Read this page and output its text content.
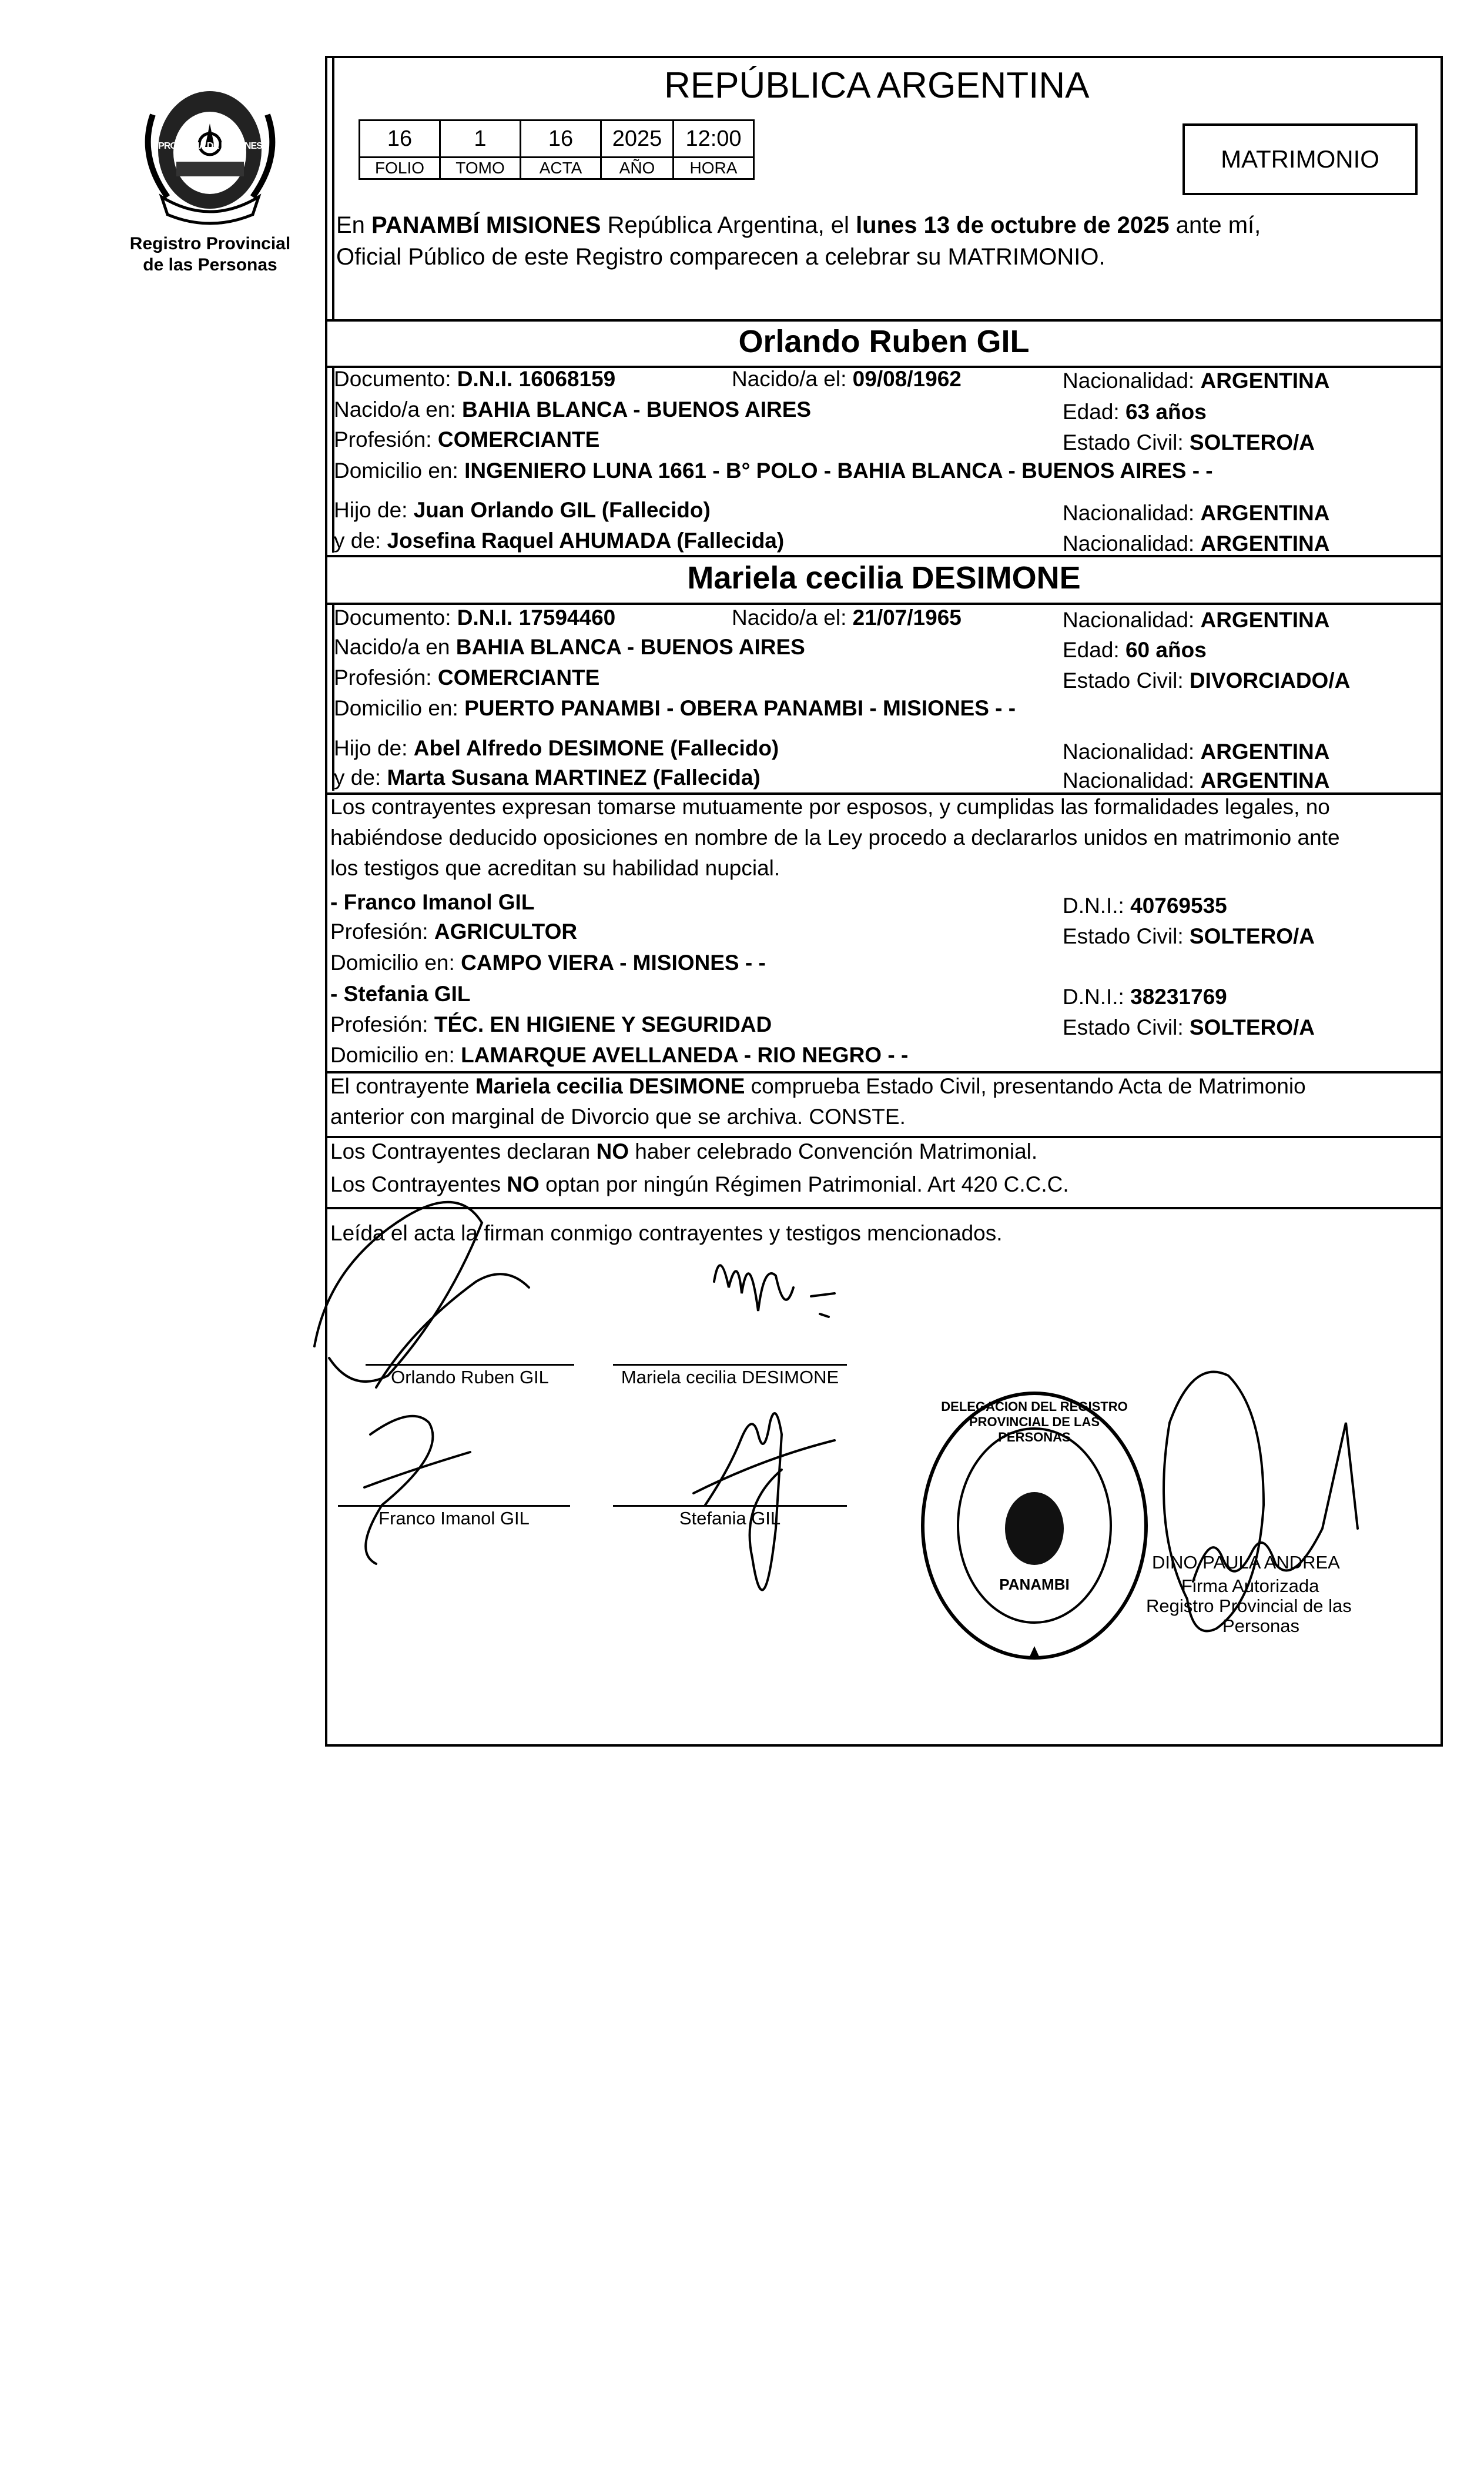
PROVINCIA DE MISIONES
Registro Provincial
de las Personas
REPÚBLICA ARGENTINA
16	1	16	2025	12:00
FOLIO	TOMO	ACTA	AÑO	HORA	MATRIMONIO
En PANAMBÍ MISIONES República Argentina, el lunes 13 de octubre de 2025 ante mí,
Oficial Público de este Registro comparecen a celebrar su MATRIMONIO.
Orlando Ruben GIL
Documento: D.N.I. 16068159	Nacido/a el: 09/08/1962	Nacionalidad: ARGENTINA
Nacido/a en: BAHIA BLANCA - BUENOS AIRES	Edad: 63 años
Profesión: COMERCIANTE	Estado Civil: SOLTERO/A
Domicilio en: INGENIERO LUNA 1661 - B° POLO - BAHIA BLANCA - BUENOS AIRES - -
Hijo de: Juan Orlando GIL (Fallecido)	Nacionalidad: ARGENTINA
y de: Josefina Raquel AHUMADA (Fallecida)	Nacionalidad: ARGENTINA
Mariela cecilia DESIMONE
Documento: D.N.I. 17594460	Nacido/a el: 21/07/1965	Nacionalidad: ARGENTINA
Nacido/a en BAHIA BLANCA - BUENOS AIRES	Edad: 60 años
Profesión: COMERCIANTE	Estado Civil: DIVORCIADO/A
Domicilio en: PUERTO PANAMBI - OBERA PANAMBI - MISIONES - -
Hijo de: Abel Alfredo DESIMONE (Fallecido)	Nacionalidad: ARGENTINA
y de: Marta Susana MARTINEZ (Fallecida)	Nacionalidad: ARGENTINA
Los contrayentes expresan tomarse mutuamente por esposos, y cumplidas las formalidades legales, no
habiéndose deducido oposiciones en nombre de la Ley procedo a declararlos unidos en matrimonio ante
los testigos que acreditan su habilidad nupcial.
- Franco Imanol GIL	D.N.I.: 40769535
Profesión: AGRICULTOR	Estado Civil: SOLTERO/A
Domicilio en: CAMPO VIERA - MISIONES - -
- Stefania GIL	D.N.I.: 38231769
Profesión: TÉC. EN HIGIENE Y SEGURIDAD	Estado Civil: SOLTERO/A
Domicilio en: LAMARQUE AVELLANEDA - RIO NEGRO - -
El contrayente Mariela cecilia DESIMONE comprueba Estado Civil, presentando Acta de Matrimonio
anterior con marginal de Divorcio que se archiva. CONSTE.
Los Contrayentes declaran NO haber celebrado Convención Matrimonial.
Los Contrayentes NO optan por ningún Régimen Patrimonial. Art 420 C.C.C.
Leída el acta la firman conmigo contrayentes y testigos mencionados.
Orlando Ruben GIL	Mariela cecilia DESIMONE
Franco Imanol GIL	Stefania GIL
DELEGACION DEL REGISTRO PROVINCIAL DE LAS PERSONAS
PANAMBI
DINO PAULA ANDREA
Firma Autorizada
Registro Provincial de las
Personas
